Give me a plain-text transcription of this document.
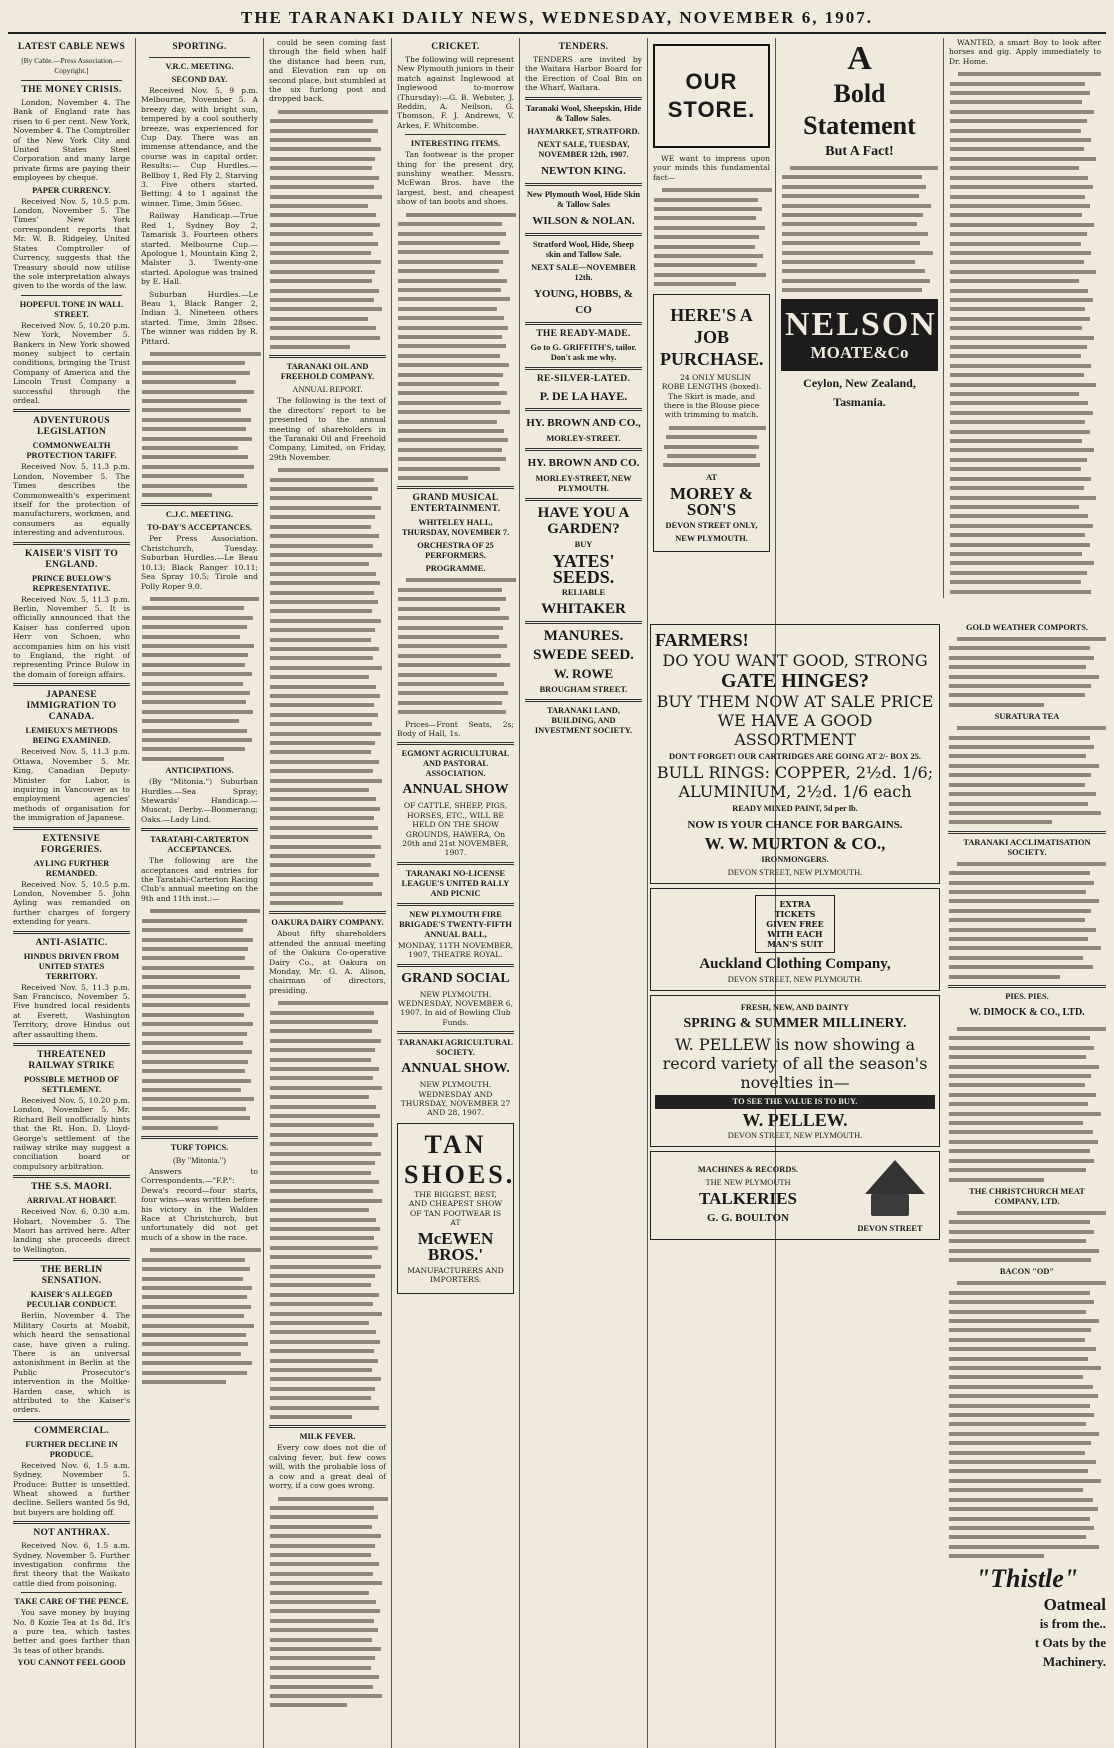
THE TARANAKI DAILY NEWS, WEDNESDAY, NOVEMBER 6, 1907.
LATEST CABLE NEWS
[By Cable.—Press Association.—Copyright.]
THE MONEY CRISIS.

London, November 4. The Bank of England rate has risen to 6 per cent. New York, November 4. The Comptroller of the New York City and United States Steel Corporation and many large private firms are paying their employees by cheque.

PAPER CURRENCY.

Received Nov. 5, 10.5 p.m. London, November 5. The Times' New York correspondent reports that Mr. W. B. Ridgeley, United States Comptroller of Currency, suggests that the Treasury should now utilise the sole interpretation always given to the words of the law.

HOPEFUL TONE IN WALL STREET.

Received Nov. 5, 10.20 p.m. New York, November 5. Bankers in New York showed money subject to certain conditions, bringing the Trust Company of America and the Lincoln Trust Company a successful through the ordeal.

ADVENTUROUS LEGISLATION
COMMONWEALTH PROTECTION TARIFF.

Received Nov. 5, 11.3 p.m. London, November 5. The Times describes the Commonwealth's experiment itself for the protection of manufacturers, workmen, and consumers as equally interesting and adventurous.

KAISER'S VISIT TO ENGLAND.
PRINCE BUELOW'S REPRESENTATIVE.

Received Nov. 5, 11.3 p.m. Berlin, November 5. It is officially announced that the Kaiser has conferred upon Herr von Schoen, who accompanies him on his visit to England, the right of representing Prince Bulow in the domain of foreign affairs.

JAPANESE IMMIGRATION TO CANADA.
LEMIEUX'S METHODS BEING EXAMINED.

Received Nov. 5, 11.3 p.m. Ottawa, November 5. Mr. King, Canadian Deputy-Minister for Labor, is inquiring in Vancouver as to employment agencies' methods of organisation for the immigration of Japanese.

EXTENSIVE FORGERIES.
AYLING FURTHER REMANDED.

Received Nov. 5, 10.5 p.m. London, November 5. John Ayling was remanded on further charges of forgery extending for years.

ANTI-ASIATIC.
HINDUS DRIVEN FROM UNITED STATES TERRITORY.

Received Nov. 5, 11.3 p.m. San Francisco, November 5. Five hundred local residents at Everett, Washington Territory, drove Hindus out after assaulting them.

THREATENED RAILWAY STRIKE
POSSIBLE METHOD OF SETTLEMENT.

Received Nov. 5, 10.20 p.m. London, November 5. Mr. Richard Bell unofficially hints that the Rt. Hon. D. Lloyd-George's settlement of the railway strike may suggest a conciliation board or compulsory arbitration.

THE S.S. MAORI.
ARRIVAL AT HOBART.

Received Nov. 6, 0.30 a.m. Hobart, November 5. The Maori has arrived here. After landing she proceeds direct to Wellington.

THE BERLIN SENSATION.
KAISER'S ALLEGED PECULIAR CONDUCT.

Berlin, November 4. The Military Courts at Moabit, which heard the sensational case, have given a ruling. There is an universal astonishment in Berlin at the Public Prosecutor's intervention in the Moltke-Harden case, which is attributed to the Kaiser's orders.

COMMERCIAL.
FURTHER DECLINE IN PRODUCE.

Received Nov. 6, 1.5 a.m. Sydney, November 5. Produce: Butter is unsettled. Wheat showed a further decline. Sellers wanted 5s 9d, but buyers are holding off.

NOT ANTHRAX.

Received Nov. 6, 1.5 a.m. Sydney, November 5. Further investigation confirms the first theory that the Waikato cattle died from poisoning.

TAKE CARE OF THE PENCE.

You save money by buying No. 8 Kozie Tea at 1s 8d. It's a pure tea, which tastes better and goes farther than 3s teas of other brands.

YOU CANNOT FEEL GOOD
SPORTING.
V.R.C. MEETING.
SECOND DAY.

Received Nov. 5, 9 p.m. Melbourne, November 5. A breezy day, with bright sun, tempered by a cool southerly breeze, was experienced for Cup Day. There was an immense attendance, and the course was in capital order. Results:— Cup Hurdles.—Bellboy 1, Red Fly 2, Starving 3. Five others started. Betting: 4 to 1 against the winner. Time, 3min 56sec.

Railway Handicap.—True Red 1, Sydney Boy 2, Tamarisk 3. Fourteen others started. Melbourne Cup.—Apologue 1, Mountain King 2, Malster 3. Twenty-one started. Apologue was trained by E. Hall.

Suburban Hurdles.—Le Beau 1, Black Ranger 2, Indian 3. Nineteen others started. Time, 3min 28sec. The winner was ridden by R. Pittard.

C.J.C. MEETING.
TO-DAY'S ACCEPTANCES.

Per Press Association. Christchurch, Tuesday. Suburban Hurdles.—Le Beau 10.13; Black Ranger 10.11; Sea Spray 10.5; Tirole and Polly Roper 9.0.

ANTICIPATIONS.

(By "Mitonia.") Suburban Hurdles.—Sea Spray; Stewards' Handicap.—Muscat; Derby.—Boomerang; Oaks.—Lady Lind.

TARATAHI-CARTERTON ACCEPTANCES.

The following are the acceptances and entries for the Taratahi-Carterton Racing Club's annual meeting on the 9th and 11th inst.:—

TURF TOPICS.
(By "Mitonia.")

Answers to Correspondents.—"F.P.": Dewa's record—four starts, four wins—was written before his victory in the Walden Race at Christchurch, but unfortunately did not get much of a show in the race.

could be seen coming fast through the field when half the distance had been run, and Elevation ran up on second place, but stumbled at the six furlong post and dropped back.

TARANAKI OIL AND FREEHOLD COMPANY.
ANNUAL REPORT.

The following is the text of the directors' report to be presented to the annual meeting of shareholders in the Taranaki Oil and Freehold Company, Limited, on Friday, 29th November.

OAKURA DAIRY COMPANY.

About fifty shareholders attended the annual meeting of the Oakura Co-operative Dairy Co., at Oakura on Monday, Mr. G. A. Alison, chairman of directors, presiding.

MILK FEVER.

Every cow does not die of calving fever, but few cows will, with the probable loss of a cow and a great deal of worry, if a cow goes wrong.

CRICKET.

The following will represent New Plymouth juniors in their match against Inglewood at Inglewood to-morrow (Thursday):—G. B. Webster, J. Reddin, A. Neilson, G. Thomson, F. J. Andrews, V. Arkes, F. Whitcombe.

INTERESTING ITEMS.

Tan footwear is the proper thing for the present dry, sunshiny weather. Messrs. McEwan Bros. have the largest, best, and cheapest show of tan boots and shoes.

GRAND MUSICAL ENTERTAINMENT.
WHITELEY HALL, THURSDAY, NOVEMBER 7.
ORCHESTRA OF 25 PERFORMERS.
PROGRAMME.

Prices—Front Seats, 2s; Body of Hall, 1s.

EGMONT AGRICULTURAL AND PASTORAL ASSOCIATION.
ANNUAL SHOW

OF CATTLE, SHEEP, PIGS, HORSES, ETC., WILL BE HELD ON THE SHOW GROUNDS, HAWERA, On 20th and 21st NOVEMBER, 1907.

TARANAKI NO-LICENSE LEAGUE'S UNITED RALLY AND PICNIC
NEW PLYMOUTH FIRE BRIGADE'S TWENTY-FIFTH ANNUAL BALL,

MONDAY, 11TH NOVEMBER, 1907, THEATRE ROYAL.

GRAND SOCIAL

NEW PLYMOUTH. WEDNESDAY, NOVEMBER 6, 1907. In aid of Bowling Club Funds.

TARANAKI AGRICULTURAL SOCIETY.
ANNUAL SHOW.

NEW PLYMOUTH. WEDNESDAY AND THURSDAY, NOVEMBER 27 AND 28, 1907.

TAN SHOES.

THE BIGGEST, BEST, AND CHEAPEST SHOW OF TAN FOOTWEAR IS AT

McEWEN BROS.'

MANUFACTURERS AND IMPORTERS.

TENDERS.

TENDERS are invited by the Waitara Harbor Board for the Erection of Coal Bin on the Wharf, Waitara.

Taranaki Wool, Sheepskin, Hide & Tallow Sales.
HAYMARKET, STRATFORD.
NEXT SALE, TUESDAY, NOVEMBER 12th, 1907.
NEWTON KING.
New Plymouth Wool, Hide Skin & Tallow Sales
WILSON & NOLAN.
Stratford Wool, Hide, Sheep skin and Tallow Sale.
NEXT SALE—NOVEMBER 12th.
YOUNG, HOBBS, & CO
THE READY-MADE.
Go to G. GRIFFITH'S, tailor. Don't ask me why.
RE-SILVER-LATED.
P. DE LA HAYE.
HY. BROWN AND CO.,
MORLEY-STREET.
HY. BROWN AND CO.
MORLEY-STREET, NEW PLYMOUTH.
HAVE YOU A GARDEN?
BUY
YATES' SEEDS.
RELIABLE
WHITAKER
MANURES.
SWEDE SEED.
W. ROWE
BROUGHAM STREET.
TARANAKI LAND, BUILDING, AND INVESTMENT SOCIETY.
OUR STORE.

WE want to impress upon your minds this fundamental fact—

HERE'S A JOB PURCHASE.

24 ONLY MUSLIN ROBE LENGTHS (boxed). The Skirt is made, and there is the Blouse piece with trimming to match.

AT
MOREY & SON'S
DEVON STREET ONLY,
NEW PLYMOUTH.
A
Bold
Statement
But A Fact!

NELSON
MOATE&Co
Ceylon, New Zealand,
Tasmania.

WANTED, a smart Boy to look after horses and gig. Apply immediately to Dr. Home.

FARMERS!

DO YOU WANT GOOD, STRONG

GATE HINGES?

BUY THEM NOW AT SALE PRICE WE HAVE A GOOD ASSORTMENT

DON'T FORGET! OUR CARTRIDGES ARE GOING AT 2/- BOX 25.

BULL RINGS: COPPER, 2½d. 1/6; ALUMINIUM, 2½d. 1/6 each

READY MIXED PAINT, 5d per lb.
NOW IS YOUR CHANCE FOR BARGAINS.
W. W. MURTON & CO.,
IRONMONGERS.
DEVON STREET, NEW PLYMOUTH.
EXTRA TICKETS GIVEN FREE WITH EACH MAN'S SUIT
Auckland Clothing Company,
DEVON STREET, NEW PLYMOUTH.
FRESH, NEW, AND DAINTY
SPRING & SUMMER MILLINERY.

W. PELLEW is now showing a record variety of all the season's novelties in—

TO SEE THE VALUE IS TO BUY.
W. PELLEW.
DEVON STREET, NEW PLYMOUTH.
MACHINES & RECORDS.
THE NEW PLYMOUTH
TALKERIES
G. G. BOULTON
DEVON STREET
GOLD WEATHER COMPORTS.

SURATURA TEA

TARANAKI ACCLIMATISATION SOCIETY.

PIES. PIES.
W. DIMOCK & CO., LTD.

THE CHRISTCHURCH MEAT COMPANY, LTD.

BACON "OD"

"Thistle"
Oatmeal
is from the..
t Oats by the
Machinery.
